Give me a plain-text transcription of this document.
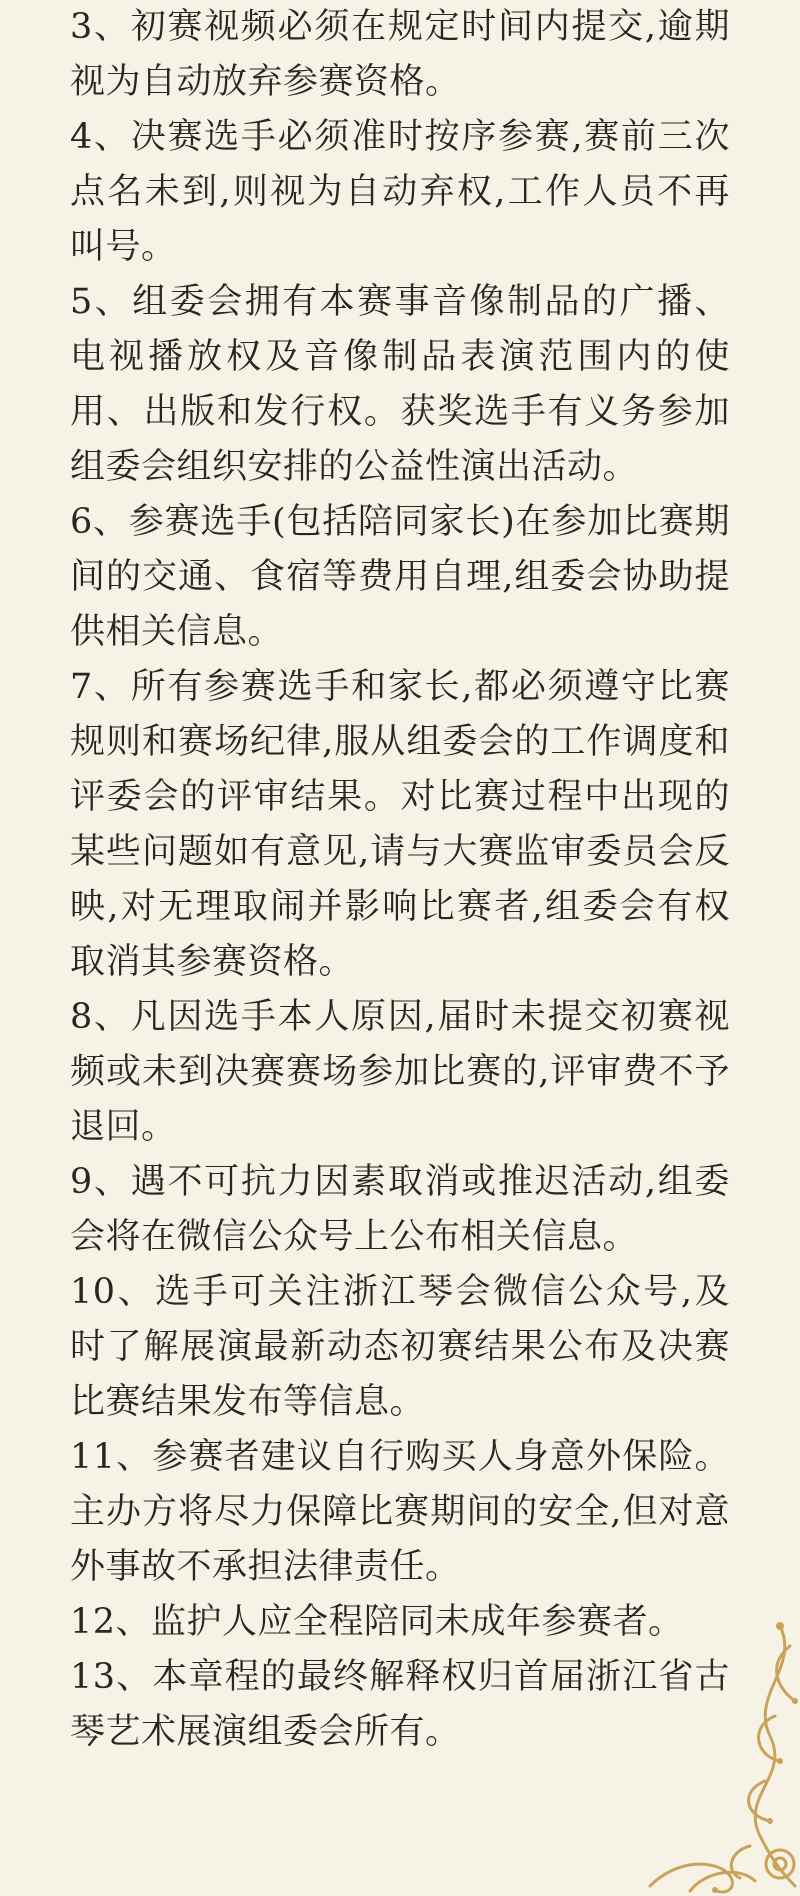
3、初赛视频必须在规定时间内提交,逾期视为自动放弃参赛资格。

4、决赛选手必须准时按序参赛,赛前三次点名未到,则视为自动弃权,工作人员不再叫号。

5、组委会拥有本赛事音像制品的广播、电视播放权及音像制品表演范围内的使用、出版和发行权。获奖选手有义务参加组委会组织安排的公益性演出活动。

6、参赛选手(包括陪同家长)在参加比赛期间的交通、食宿等费用自理,组委会协助提供相关信息。

7、所有参赛选手和家长,都必须遵守比赛规则和赛场纪律,服从组委会的工作调度和评委会的评审结果。对比赛过程中出现的某些问题如有意见,请与大赛监审委员会反映,对无理取闹并影响比赛者,组委会有权取消其参赛资格。

8、凡因选手本人原因,届时未提交初赛视频或未到决赛赛场参加比赛的,评审费不予退回。

9、遇不可抗力因素取消或推迟活动,组委会将在微信公众号上公布相关信息。

10、选手可关注浙江琴会微信公众号,及时了解展演最新动态初赛结果公布及决赛比赛结果发布等信息。

11、参赛者建议自行购买人身意外保险。主办方将尽力保障比赛期间的安全,但对意外事故不承担法律责任。

12、监护人应全程陪同未成年参赛者。

13、本章程的最终解释权归首届浙江省古琴艺术展演组委会所有。
